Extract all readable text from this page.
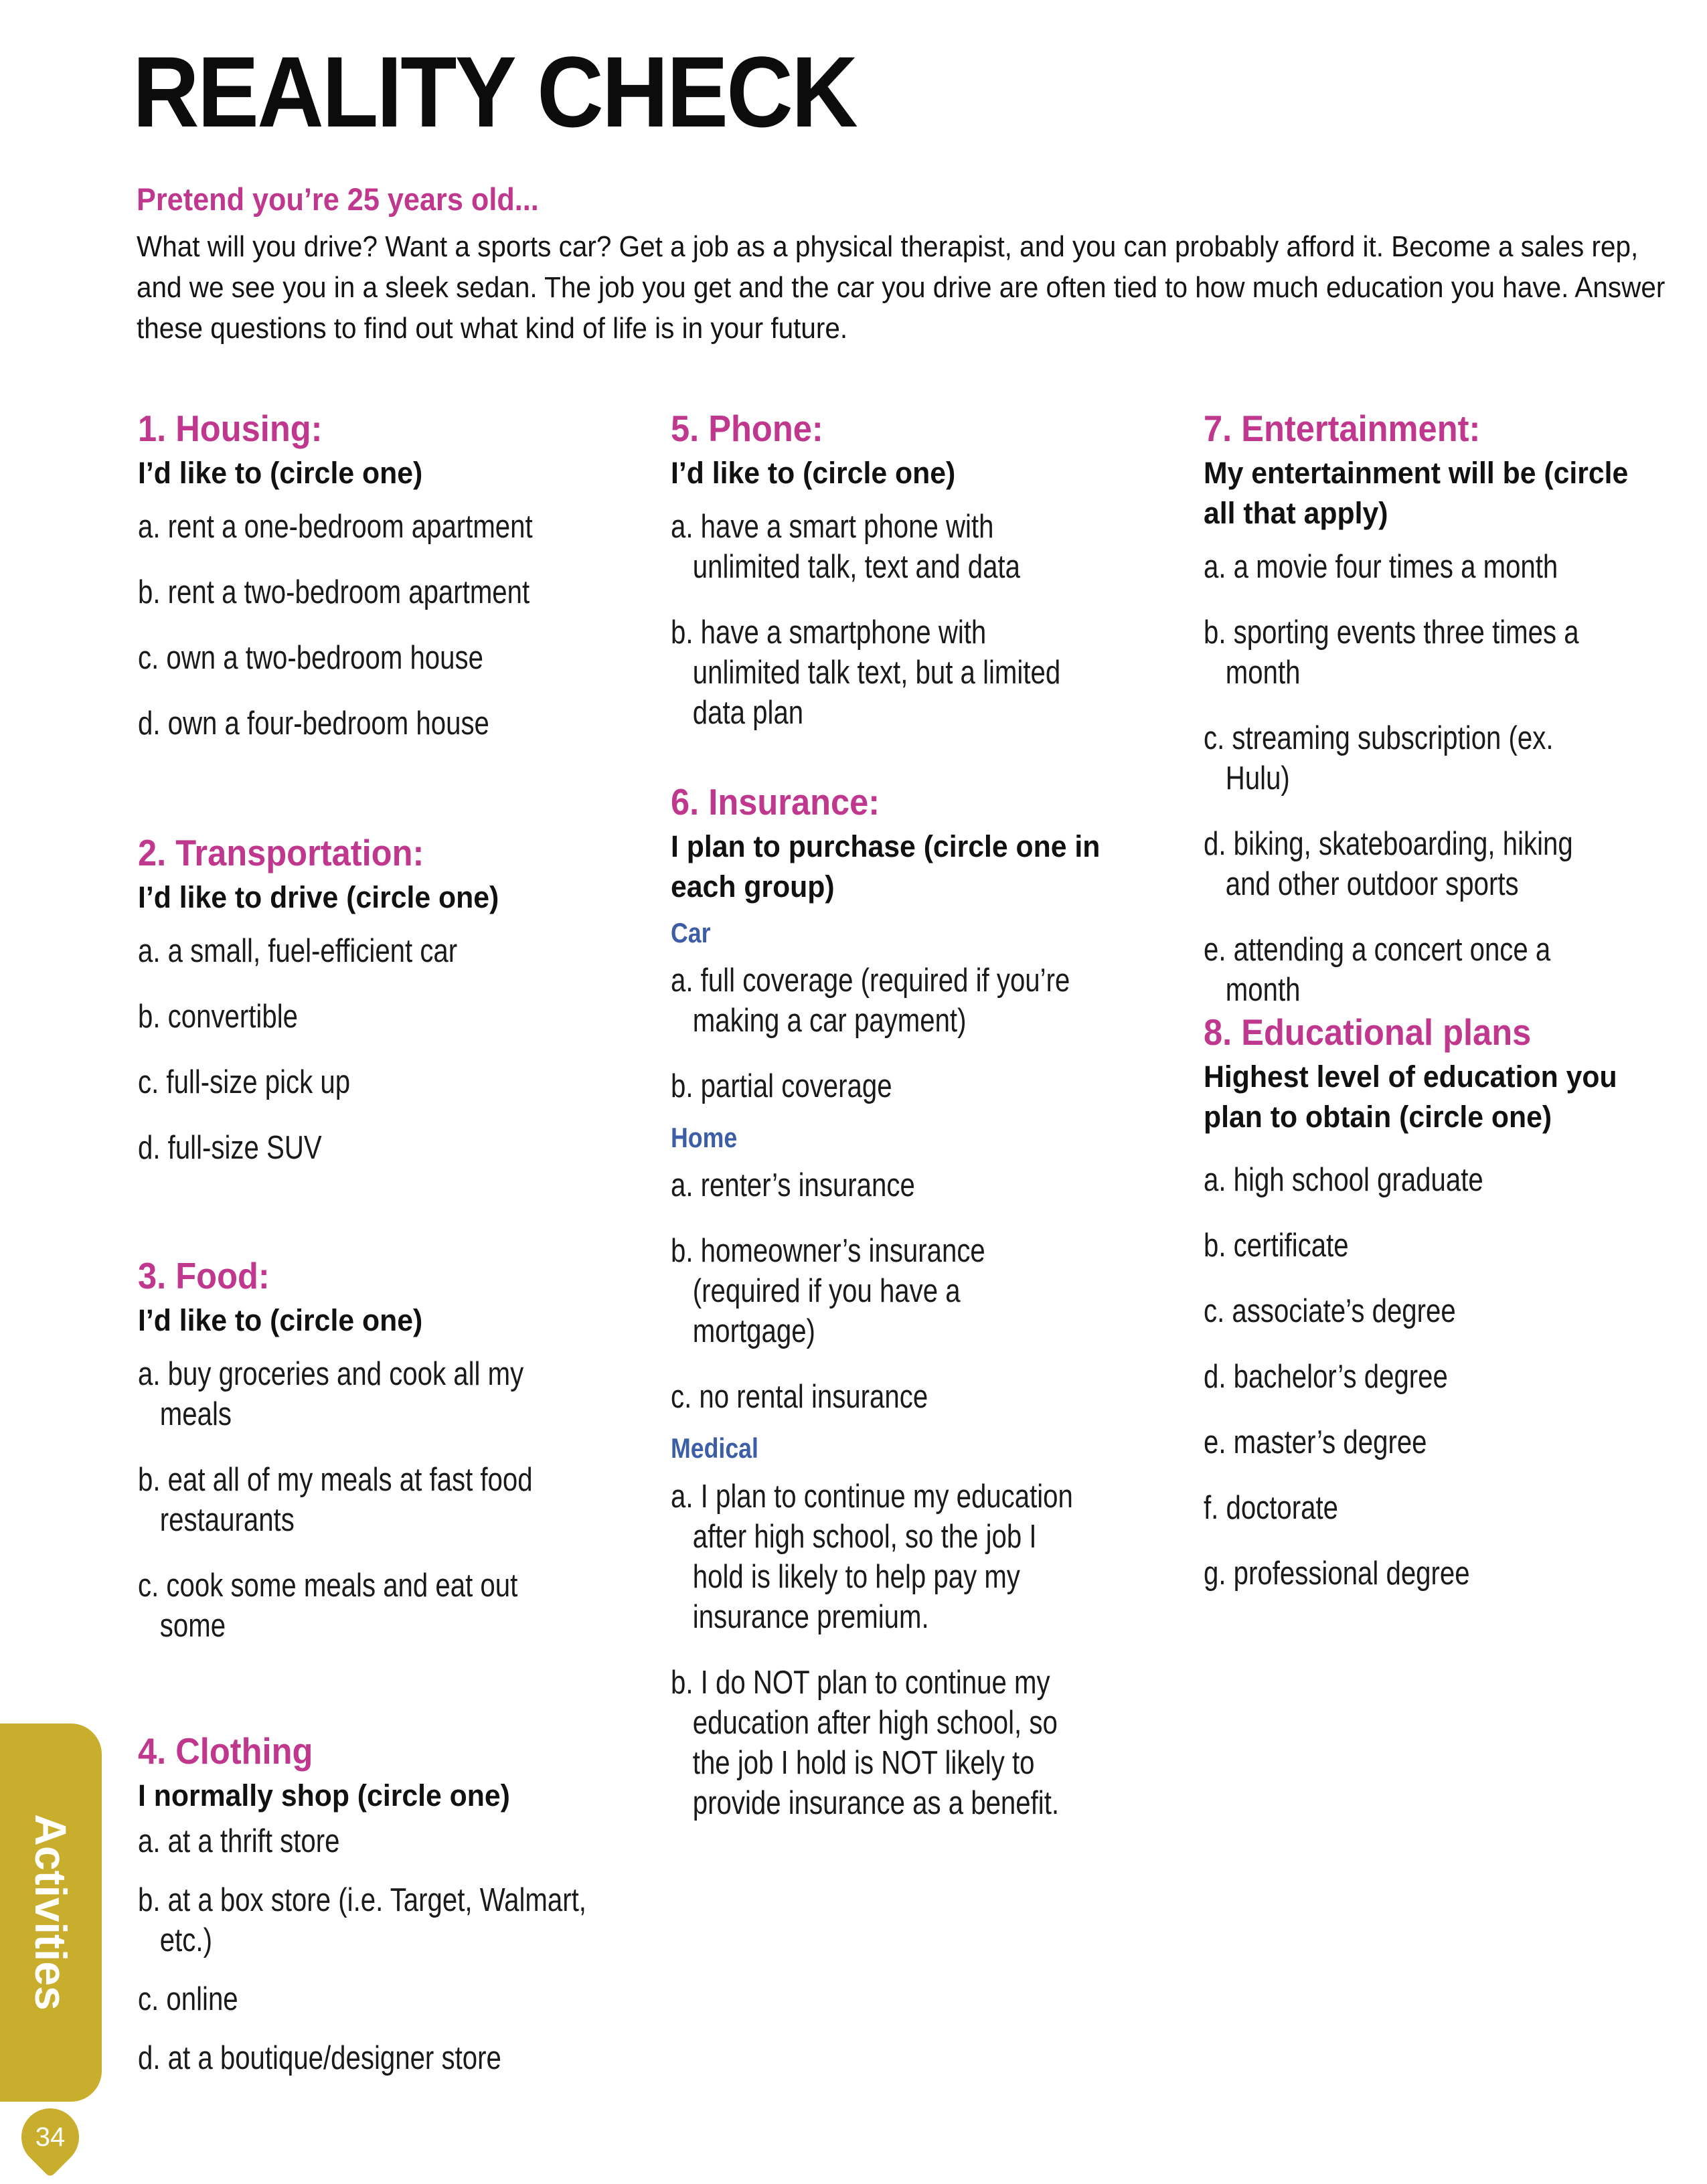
REALITY CHECK

Pretend you’re 25 years old...

What will you drive? Want a sports car? Get a job as a physical therapist, and you can probably afford it. Become a sales rep, and we see you in a sleek sedan. The job you get and the car you drive are often tied to how much education you have. Answer these questions to find out what kind of life is in your future.

1. Housing:

I’d like to (circle one)

a. rent a one-bedroom apartment
b. rent a two-bedroom apartment
c. own a two-bedroom house
d. own a four-bedroom house
2. Transportation:

I’d like to drive (circle one)

a. a small, fuel-efficient car
b. convertible
c. full-size pick up
d. full-size SUV
3. Food:

I’d like to (circle one)

a. buy groceries and cook all my meals
b. eat all of my meals at fast food restaurants
c. cook some meals and eat out some
4. Clothing

I normally shop (circle one)

a. at a thrift store
b. at a box store (i.e. Target, Walmart, etc.)
c. online
d. at a boutique/designer store
5. Phone:

I’d like to (circle one)

a. have a smart phone with unlimited talk, text and data
b. have a smartphone with unlimited talk text, but a limited data plan
6. Insurance:

I plan to purchase (circle one in each group)

Car
a. full coverage (required if you’re making a car payment)
b. partial coverage
Home
a. renter’s insurance
b. homeowner’s insurance (required if you have a mortgage)
c. no rental insurance
Medical
a. I plan to continue my education after high school, so the job I hold is likely to help pay my insurance premium.
b. I do NOT plan to continue my education after high school, so the job I hold is NOT likely to provide insurance as a benefit.
7. Entertainment:

My entertainment will be (circle all that apply)

a. a movie four times a month
b. sporting events three times a month
c. streaming subscription (ex. Hulu)
d. biking, skateboarding, hiking and other outdoor sports
e. attending a concert once a month
8. Educational plans

Highest level of education you plan to obtain (circle one)

a. high school graduate
b. certificate
c. associate’s degree
d. bachelor’s degree
e. master’s degree
f. doctorate
g. professional degree
Activities
34
